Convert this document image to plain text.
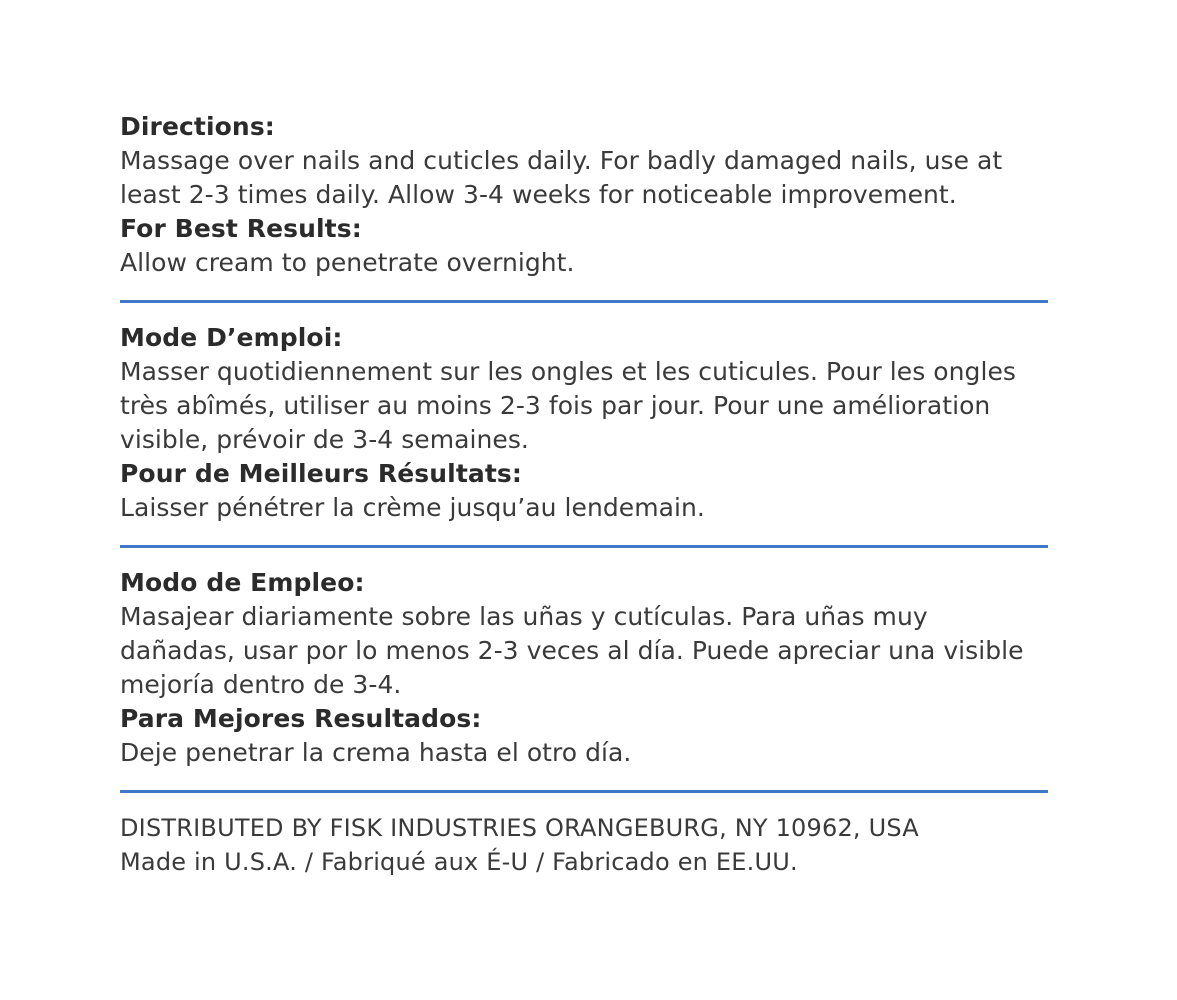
Directions:

Massage over nails and cuticles daily. For badly damaged nails, use at least 2-3 times daily. Allow 3-4 weeks for noticeable improvement.

For Best Results:

Allow cream to penetrate overnight.

Mode D’emploi:

Masser quotidiennement sur les ongles et les cuticules. Pour les ongles très abîmés, utiliser au moins 2-3 fois par jour. Pour une amélioration visible, prévoir de 3-4 semaines.

Pour de Meilleurs Résultats:

Laisser pénétrer la crème jusqu’au lendemain.

Modo de Empleo:

Masajear diariamente sobre las uñas y cutículas. Para uñas muy dañadas, usar por lo menos 2-3 veces al día. Puede apreciar una visible mejoría dentro de 3-4.

Para Mejores Resultados:

Deje penetrar la crema hasta el otro día.

DISTRIBUTED BY FISK INDUSTRIES ORANGEBURG, NY 10962, USA

Made in U.S.A. / Fabriqué aux É-U / Fabricado en EE.UU.
